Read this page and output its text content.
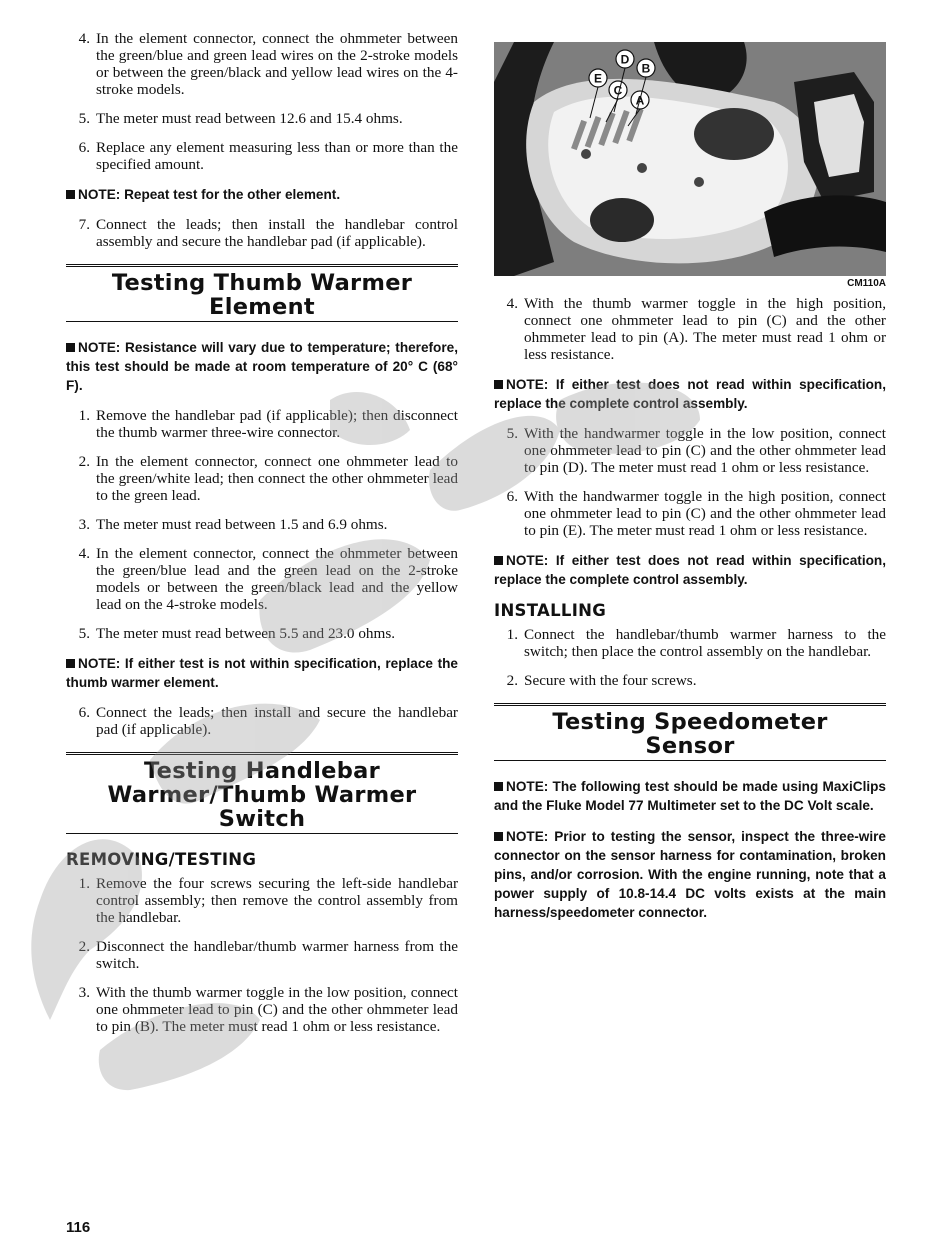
4. In the element connector, connect the ohmmeter between the green/blue and green lead wires on the 2-stroke models or between the green/black and yellow lead wires on the 4-stroke models.
5. The meter must read between 12.6 and 15.4 ohms.
6. Replace any element measuring less than or more than the specified amount.

NOTE: Repeat test for the other element.

7. Connect the leads; then install the handlebar control assembly and secure the handlebar pad (if applicable).
Testing Thumb Warmer
Element

NOTE: Resistance will vary due to temperature; therefore, this test should be made at room temperature of 20° C (68° F).

1. Remove the handlebar pad (if applicable); then disconnect the thumb warmer three-wire connector.
2. In the element connector, connect one ohmmeter lead to the green/white lead; then connect the other ohmmeter lead to the green lead.
3. The meter must read between 1.5 and 6.9 ohms.
4. In the element connector, connect the ohmmeter between the green/blue lead and the green lead on the 2-stroke models or between the green/black lead and the yellow lead on the 4-stroke models.
5. The meter must read between 5.5 and 23.0 ohms.

NOTE: If either test is not within specification, replace the thumb warmer element.

6. Connect the leads; then install and secure the handlebar pad (if applicable).
Testing Handlebar
Warmer/Thumb Warmer
Switch
REMOVING/TESTING
1. Remove the four screws securing the left-side handlebar control assembly; then remove the control assembly from the handlebar.
2. Disconnect the handlebar/thumb warmer harness from the switch.
3. With the thumb warmer toggle in the low position, connect one ohmmeter lead to pin (C) and the other ohmmeter lead to pin (B). The meter must read 1 ohm or less resistance.
D
B
E
C
A
CM110A
4. With the thumb warmer toggle in the high position, connect one ohmmeter lead to pin (C) and the other ohmmeter lead to pin (A). The meter must read 1 ohm or less resistance.

NOTE: If either test does not read within specification, replace the complete control assembly.

5. With the handwarmer toggle in the low position, connect one ohmmeter lead to pin (C) and the other ohmmeter lead to pin (D). The meter must read 1 ohm or less resistance.
6. With the handwarmer toggle in the high position, connect one ohmmeter lead to pin (C) and the other ohmmeter lead to pin (E). The meter must read 1 ohm or less resistance.

NOTE: If either test does not read within specification, replace the complete control assembly.

INSTALLING
1. Connect the handlebar/thumb warmer harness to the switch; then place the control assembly on the handlebar.
2. Secure with the four screws.
Testing Speedometer
Sensor

NOTE: The following test should be made using MaxiClips and the Fluke Model 77 Multimeter set to the DC Volt scale.

NOTE: Prior to testing the sensor, inspect the three-wire connector on the sensor harness for contamination, broken pins, and/or corrosion. With the engine running, note that a power supply of 10.8-14.4 DC volts exists at the main harness/speedometer connector.

116
